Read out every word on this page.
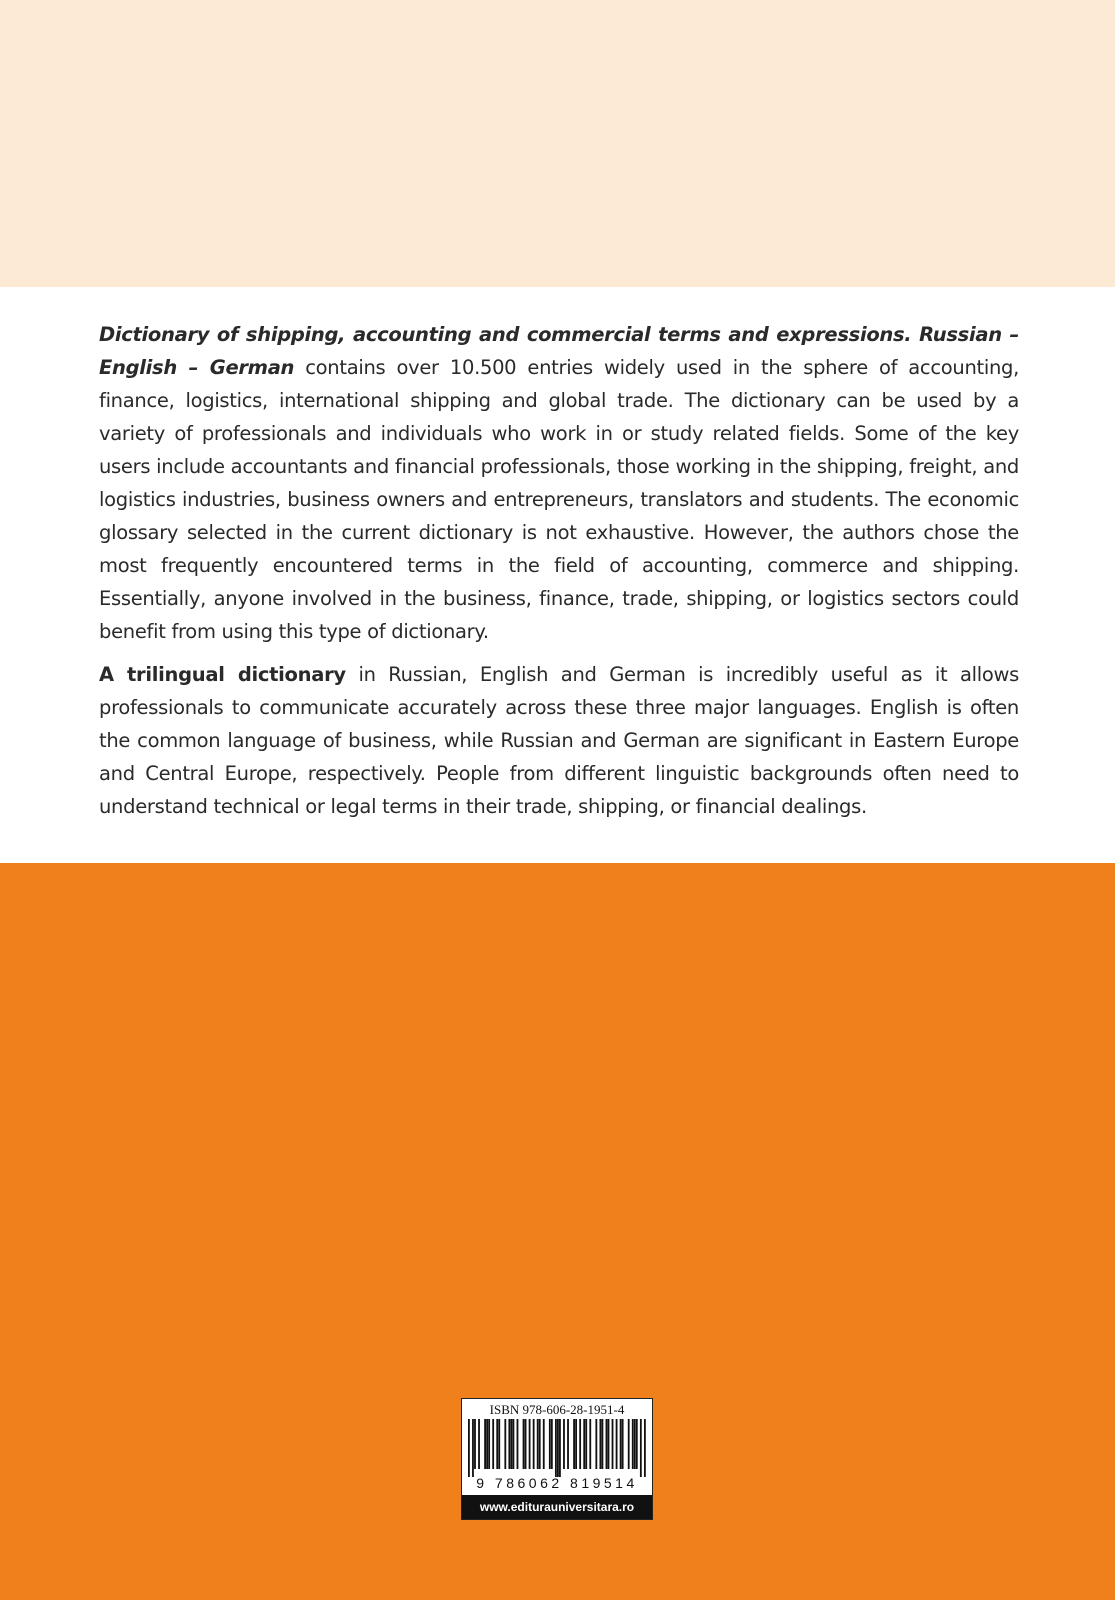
Dictionary of shipping, accounting and commercial terms and expressions. Russian – English – German contains over 10.500 entries widely used in the sphere of accounting, finance, logistics, international shipping and global trade. The dictionary can be used by a variety of professionals and individuals who work in or study related fields. Some of the key users include accountants and financial professionals, those working in the shipping, freight, and logistics industries, business owners and entrepreneurs, translators and students. The economic glossary selected in the current dictionary is not exhaustive. However, the authors chose the most frequently encountered terms in the field of accounting, commerce and shipping. Essentially, anyone involved in the business, finance, trade, shipping, or logistics sectors could benefit from using this type of dictionary.

A trilingual dictionary in Russian, English and German is incredibly useful as it allows professionals to communicate accurately across these three major languages. English is often the common language of business, while Russian and German are significant in Eastern Europe and Central Europe, respectively. People from different linguistic backgrounds often need to understand technical or legal terms in their trade, shipping, or financial dealings.

ISBN 978-606-28-1951-4
9 786062 819514
www.editurauniversitara.ro
